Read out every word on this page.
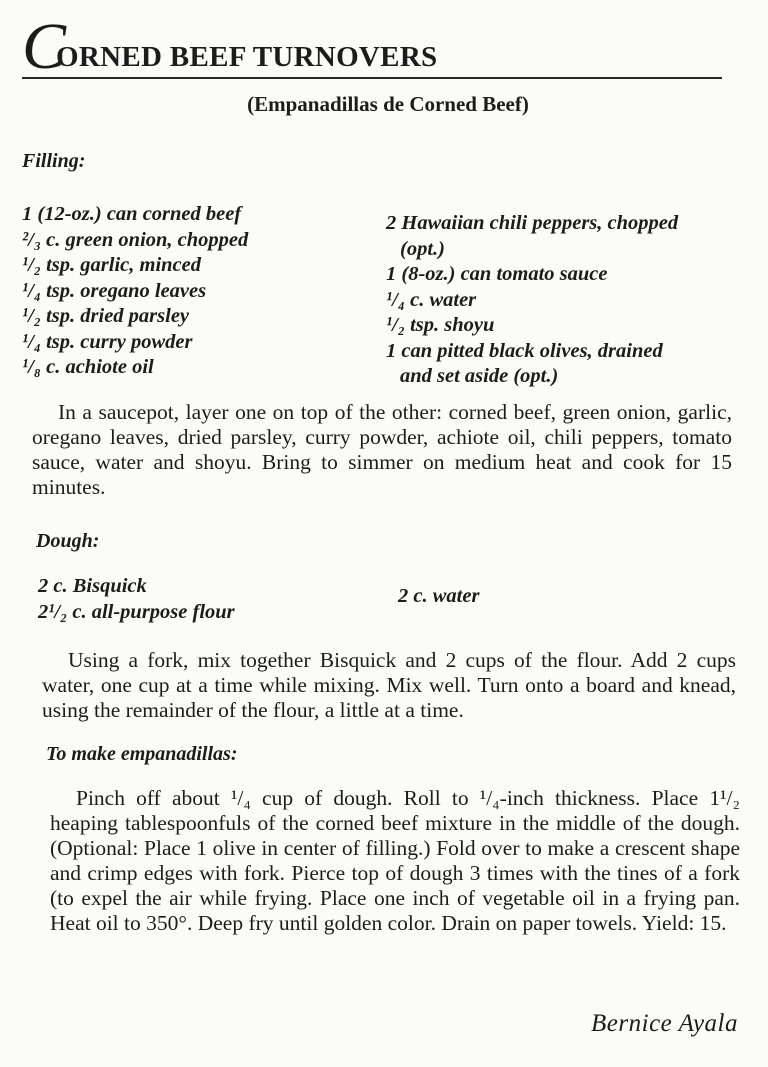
CORNED BEEF TURNOVERS
(Empanadillas de Corned Beef)
Filling:
1 (12-oz.) can corned beef
²/₃ c. green onion, chopped
¹/₂ tsp. garlic, minced
¹/₄ tsp. oregano leaves
¹/₂ tsp. dried parsley
¹/₄ tsp. curry powder
¹/₈ c. achiote oil
2 Hawaiian chili peppers, chopped
(opt.)
1 (8-oz.) can tomato sauce
¹/₄ c. water
¹/₂ tsp. shoyu
1 can pitted black olives, drained
and set aside (opt.)

In a saucepot, layer one on top of the other: corned beef, green onion, garlic, oregano leaves, dried parsley, curry powder, achiote oil, chili peppers, tomato sauce, water and shoyu. Bring to simmer on medium heat and cook for 15 minutes.

Dough:
2 c. Bisquick
2¹/₂ c. all-purpose flour
2 c. water

Using a fork, mix together Bisquick and 2 cups of the flour. Add 2 cups water, one cup at a time while mixing. Mix well. Turn onto a board and knead, using the remainder of the flour, a little at a time.

To make empanadillas:

Pinch off about ¹/₄ cup of dough. Roll to ¹/₄-inch thickness. Place 1¹/₂ heaping tablespoonfuls of the corned beef mixture in the middle of the dough. (Optional: Place 1 olive in center of filling.) Fold over to make a crescent shape and crimp edges with fork. Pierce top of dough 3 times with the tines of a fork (to expel the air while frying. Place one inch of vegetable oil in a frying pan. Heat oil to 350°. Deep fry until golden color. Drain on paper towels. Yield: 15.

Bernice Ayala
